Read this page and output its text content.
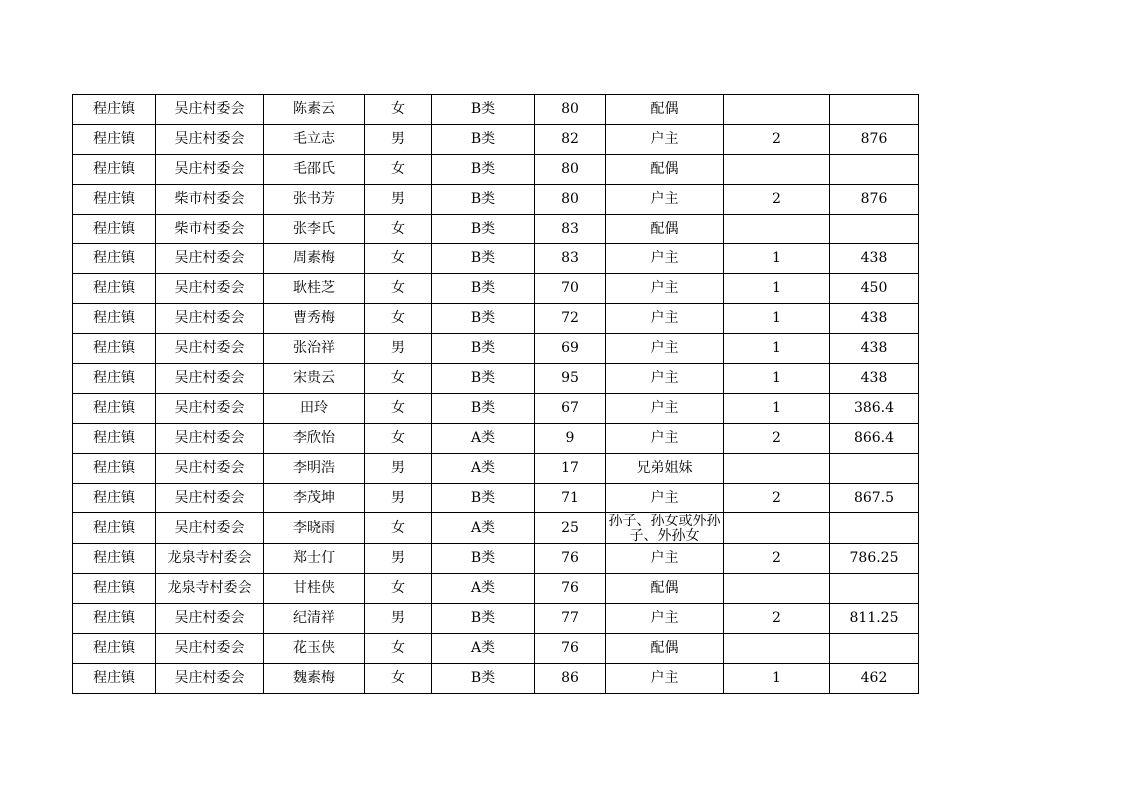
程庄镇	吴庄村委会	陈素云	女	B类	80	配偶		
程庄镇	吴庄村委会	毛立志	男	B类	82	户主	2	876
程庄镇	吴庄村委会	毛邵氏	女	B类	80	配偶		
程庄镇	柴市村委会	张书芳	男	B类	80	户主	2	876
程庄镇	柴市村委会	张李氏	女	B类	83	配偶		
程庄镇	吴庄村委会	周素梅	女	B类	83	户主	1	438
程庄镇	吴庄村委会	耿桂芝	女	B类	70	户主	1	450
程庄镇	吴庄村委会	曹秀梅	女	B类	72	户主	1	438
程庄镇	吴庄村委会	张治祥	男	B类	69	户主	1	438
程庄镇	吴庄村委会	宋贵云	女	B类	95	户主	1	438
程庄镇	吴庄村委会	田玲	女	B类	67	户主	1	386.4
程庄镇	吴庄村委会	李欣怡	女	A类	9	户主	2	866.4
程庄镇	吴庄村委会	李明浩	男	A类	17	兄弟姐妹		
程庄镇	吴庄村委会	李茂坤	男	B类	71	户主	2	867.5
程庄镇	吴庄村委会	李晓雨	女	A类	25	孙子、孙女或外孙子、外孙女		

程庄镇	龙泉寺村委会	郑士仃	男	B类	76	户主	2	786.25
程庄镇	龙泉寺村委会	甘桂侠	女	A类	76	配偶		
程庄镇	吴庄村委会	纪清祥	男	B类	77	户主	2	811.25
程庄镇	吴庄村委会	花玉侠	女	A类	76	配偶		
程庄镇	吴庄村委会	魏素梅	女	B类	86	户主	1	462
